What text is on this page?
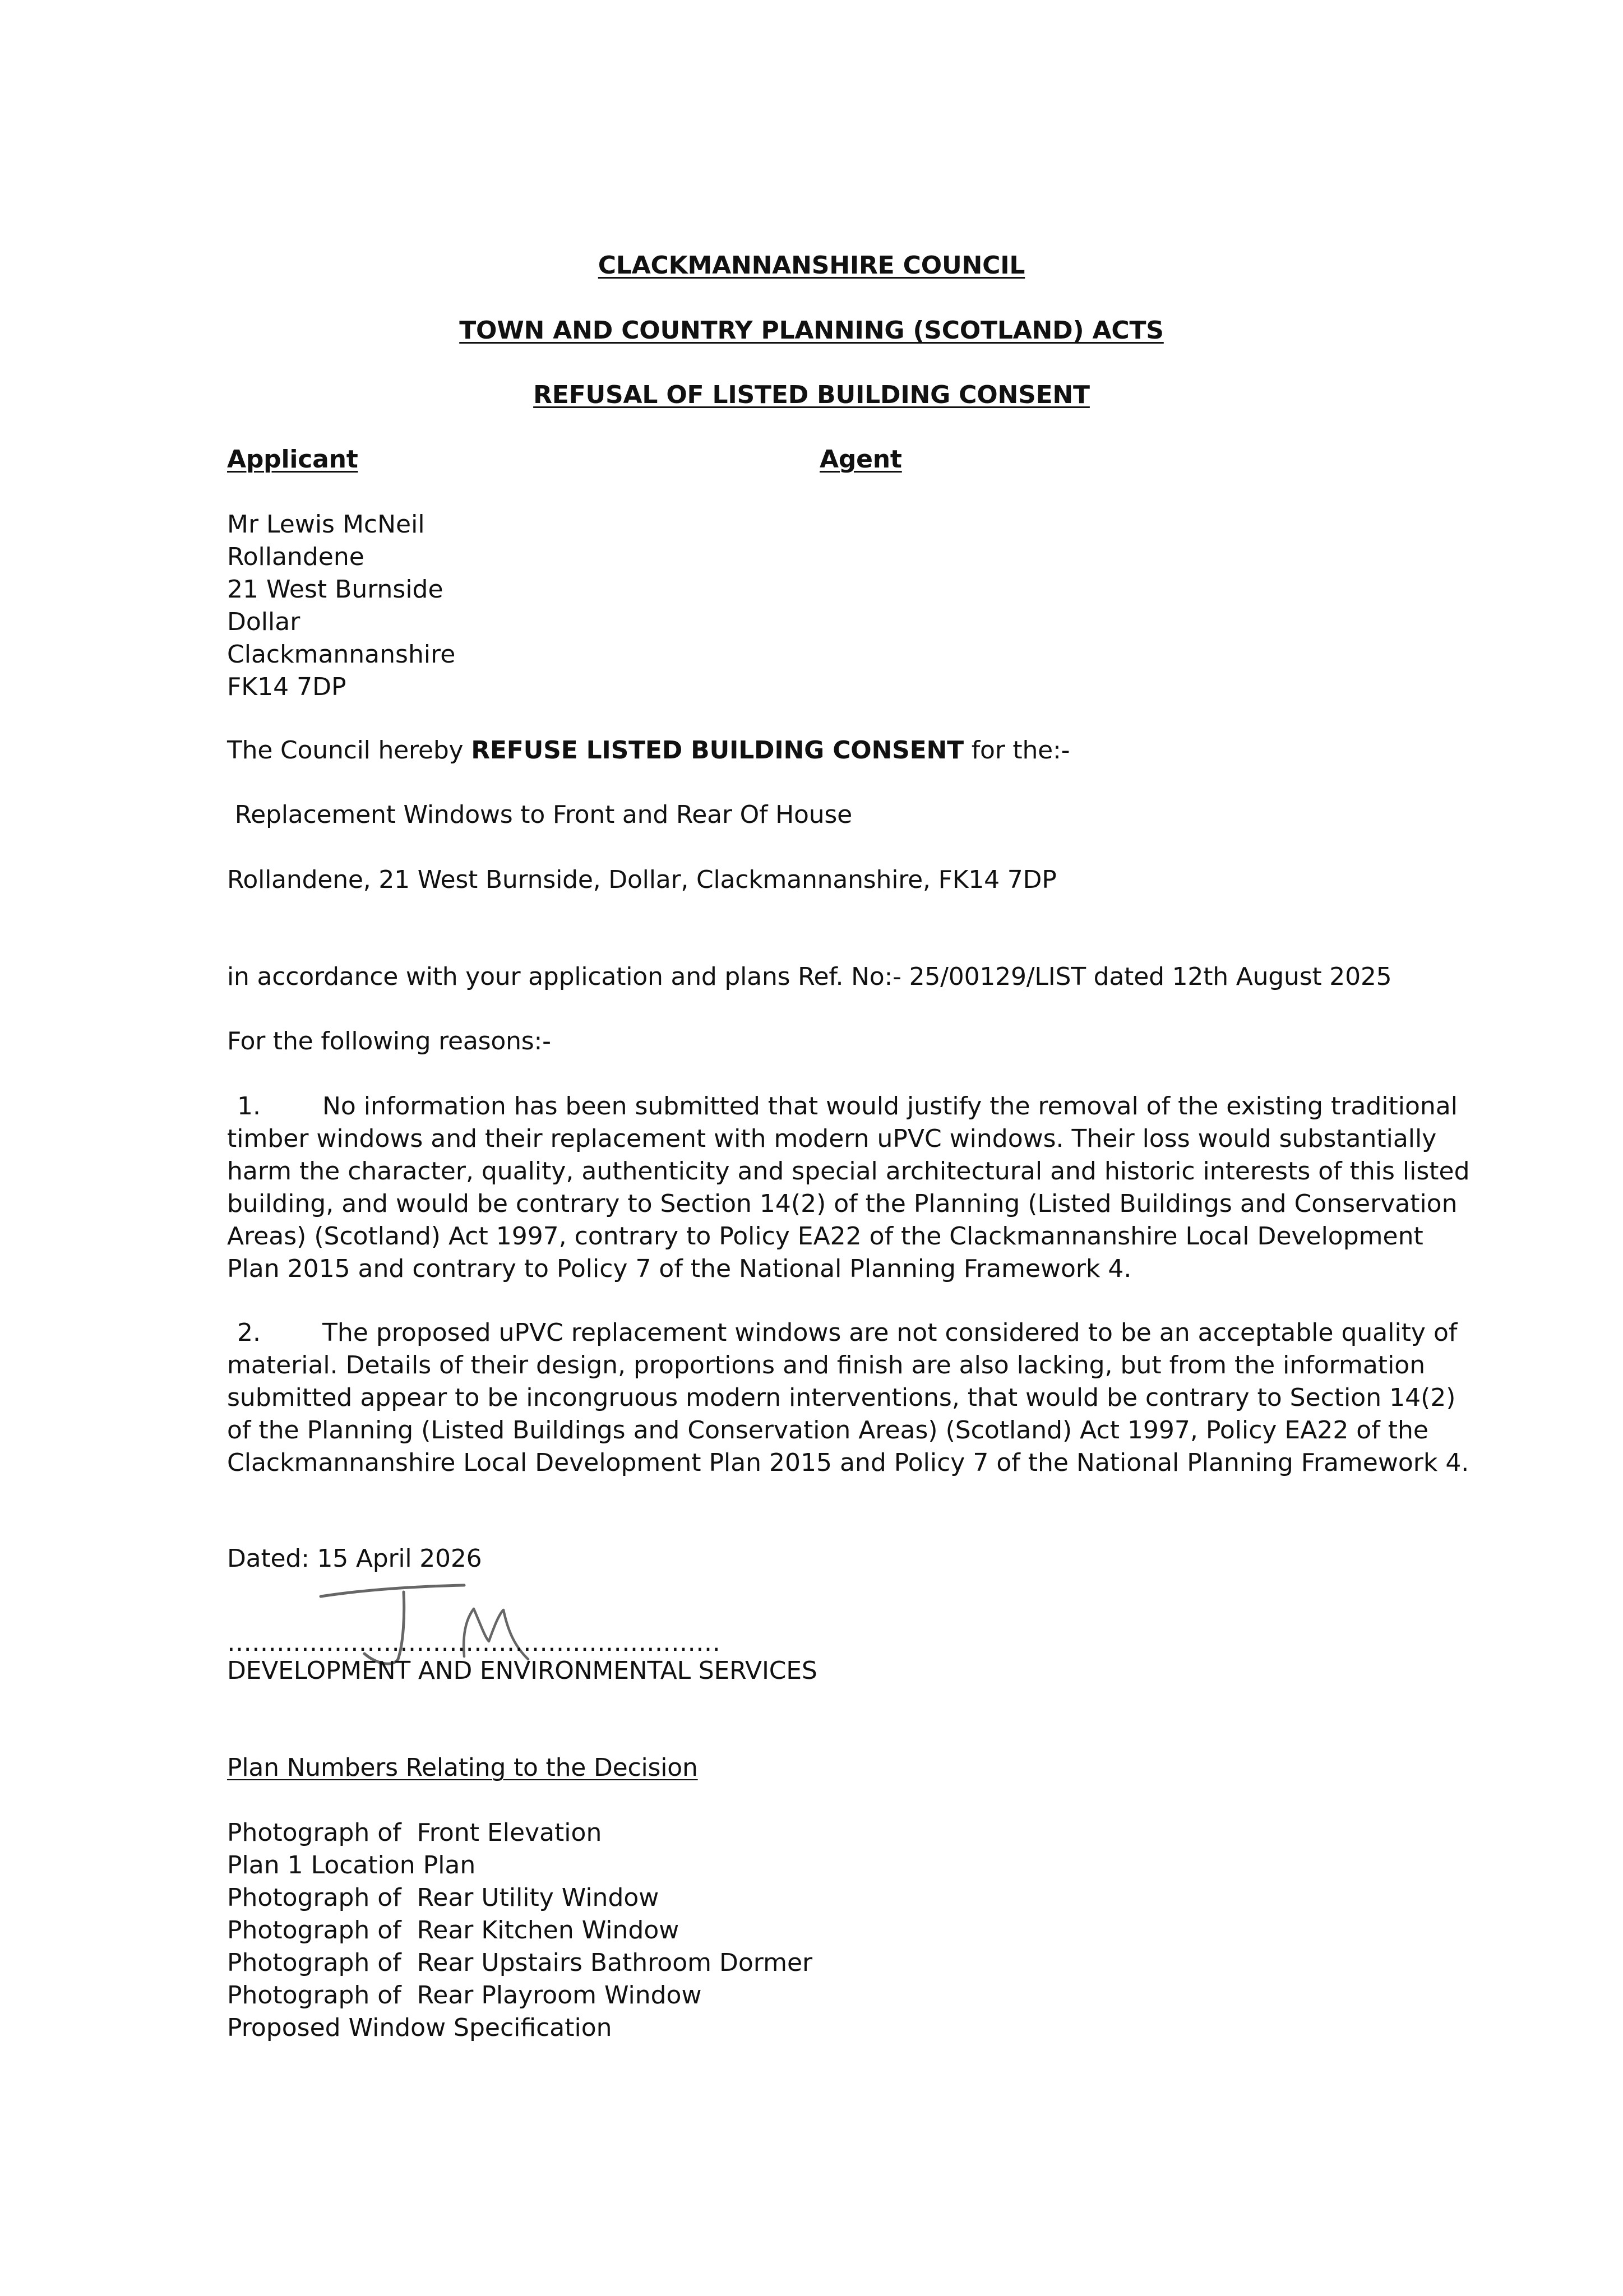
CLACKMANNANSHIRE COUNCIL
TOWN AND COUNTRY PLANNING (SCOTLAND) ACTS
REFUSAL OF LISTED BUILDING CONSENT
Applicant	Agent
Mr Lewis McNeil
Rollandene
21 West Burnside
Dollar
Clackmannanshire
FK14 7DP
The Council hereby REFUSE LISTED BUILDING CONSENT for the:-
Replacement Windows to Front and Rear Of House
Rollandene, 21 West Burnside, Dollar, Clackmannanshire, FK14 7DP
in accordance with your application and plans Ref. No:- 25/00129/LIST dated 12th August 2025
For the following reasons:-
1.	No information has been submitted that would justify the removal of the existing traditional
timber windows and their replacement with modern uPVC windows. Their loss would substantially
harm the character, quality, authenticity and special architectural and historic interests of this listed
building, and would be contrary to Section 14(2) of the Planning (Listed Buildings and Conservation
Areas) (Scotland) Act 1997, contrary to Policy EA22 of the Clackmannanshire Local Development
Plan 2015 and contrary to Policy 7 of the National Planning Framework 4.
2.	The proposed uPVC replacement windows are not considered to be an acceptable quality of
material. Details of their design, proportions and finish are also lacking, but from the information
submitted appear to be incongruous modern interventions, that would be contrary to Section 14(2)
of the Planning (Listed Buildings and Conservation Areas) (Scotland) Act 1997, Policy EA22 of the
Clackmannanshire Local Development Plan 2015 and Policy 7 of the National Planning Framework 4.
Dated: 15 April 2026
……………………………………………………
DEVELOPMENT AND ENVIRONMENTAL SERVICES
Plan Numbers Relating to the Decision
Photograph of  Front Elevation
Plan 1 Location Plan
Photograph of  Rear Utility Window
Photograph of  Rear Kitchen Window
Photograph of  Rear Upstairs Bathroom Dormer
Photograph of  Rear Playroom Window
Proposed Window Specification
